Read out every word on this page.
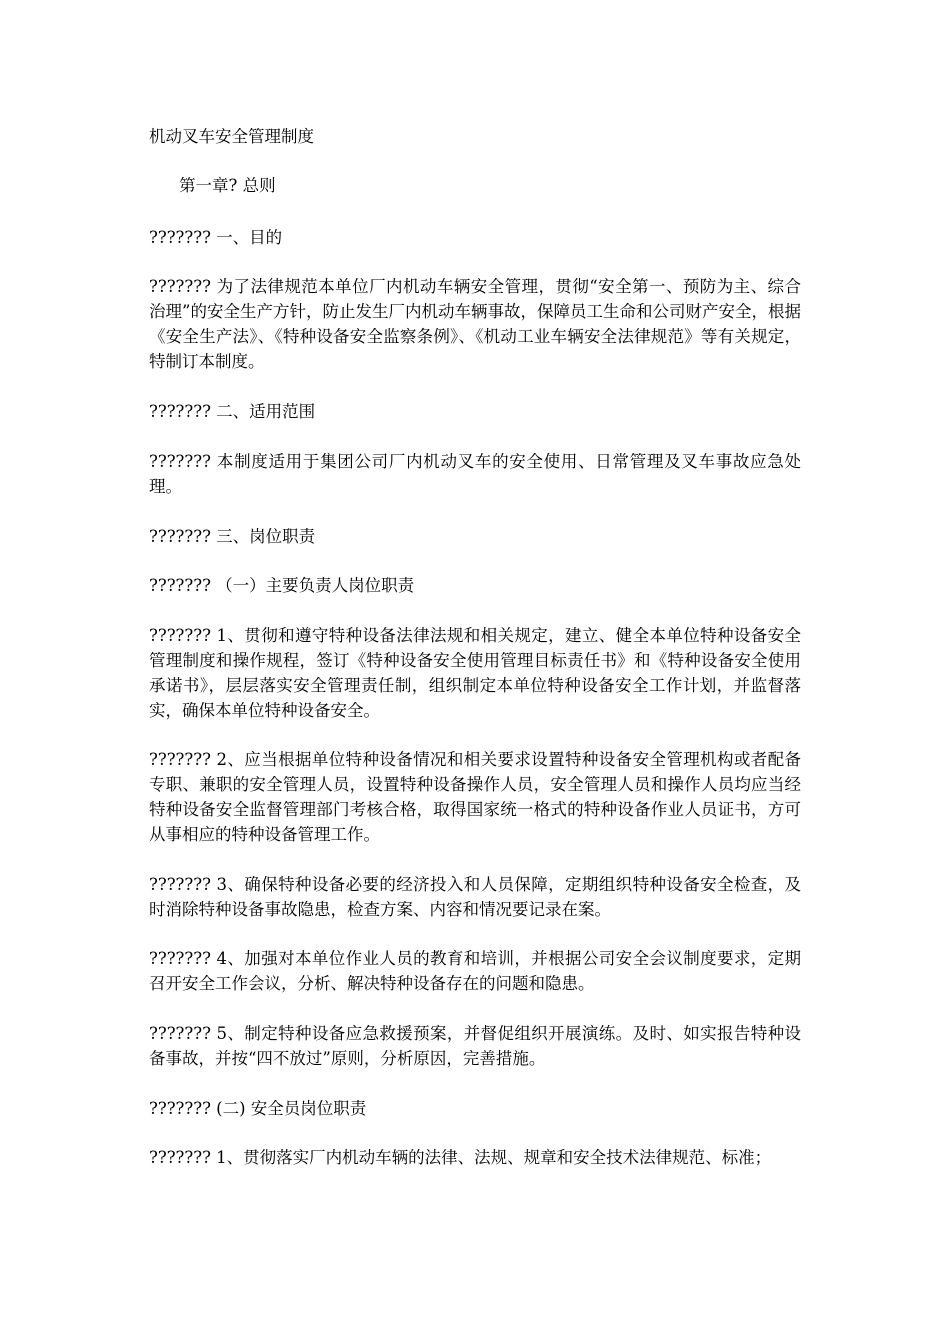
机动叉车安全管理制度

第一章? 总则

??????? 一、目的

??????? 为了法律规范本单位厂内机动车辆安全管理，贯彻“安全第一、预防为主、综合治理”的安全生产方针，防止发生厂内机动车辆事故，保障员工生命和公司财产安全，根据《安全生产法》、《特种设备安全监察条例》、《机动工业车辆安全法律规范》等有关规定，特制订本制度。

??????? 二、适用范围

??????? 本制度适用于集团公司厂内机动叉车的安全使用、日常管理及叉车事故应急处理。

??????? 三、岗位职责

??????? （一）主要负责人岗位职责

??????? 1、贯彻和遵守特种设备法律法规和相关规定，建立、健全本单位特种设备安全管理制度和操作规程，签订《特种设备安全使用管理目标责任书》和《特种设备安全使用承诺书》，层层落实安全管理责任制，组织制定本单位特种设备安全工作计划，并监督落实，确保本单位特种设备安全。

??????? 2、应当根据单位特种设备情况和相关要求设置特种设备安全管理机构或者配备专职、兼职的安全管理人员，设置特种设备操作人员，安全管理人员和操作人员均应当经特种设备安全监督管理部门考核合格，取得国家统一格式的特种设备作业人员证书，方可从事相应的特种设备管理工作。

??????? 3、确保特种设备必要的经济投入和人员保障，定期组织特种设备安全检查，及时消除特种设备事故隐患，检查方案、内容和情况要记录在案。

??????? 4、加强对本单位作业人员的教育和培训，并根据公司安全会议制度要求，定期召开安全工作会议，分析、解决特种设备存在的问题和隐患。

??????? 5、制定特种设备应急救援预案，并督促组织开展演练。及时、如实报告特种设备事故，并按“四不放过”原则，分析原因，完善措施。

??????? (二) 安全员岗位职责

??????? 1、贯彻落实厂内机动车辆的法律、法规、规章和安全技术法律规范、标准；
